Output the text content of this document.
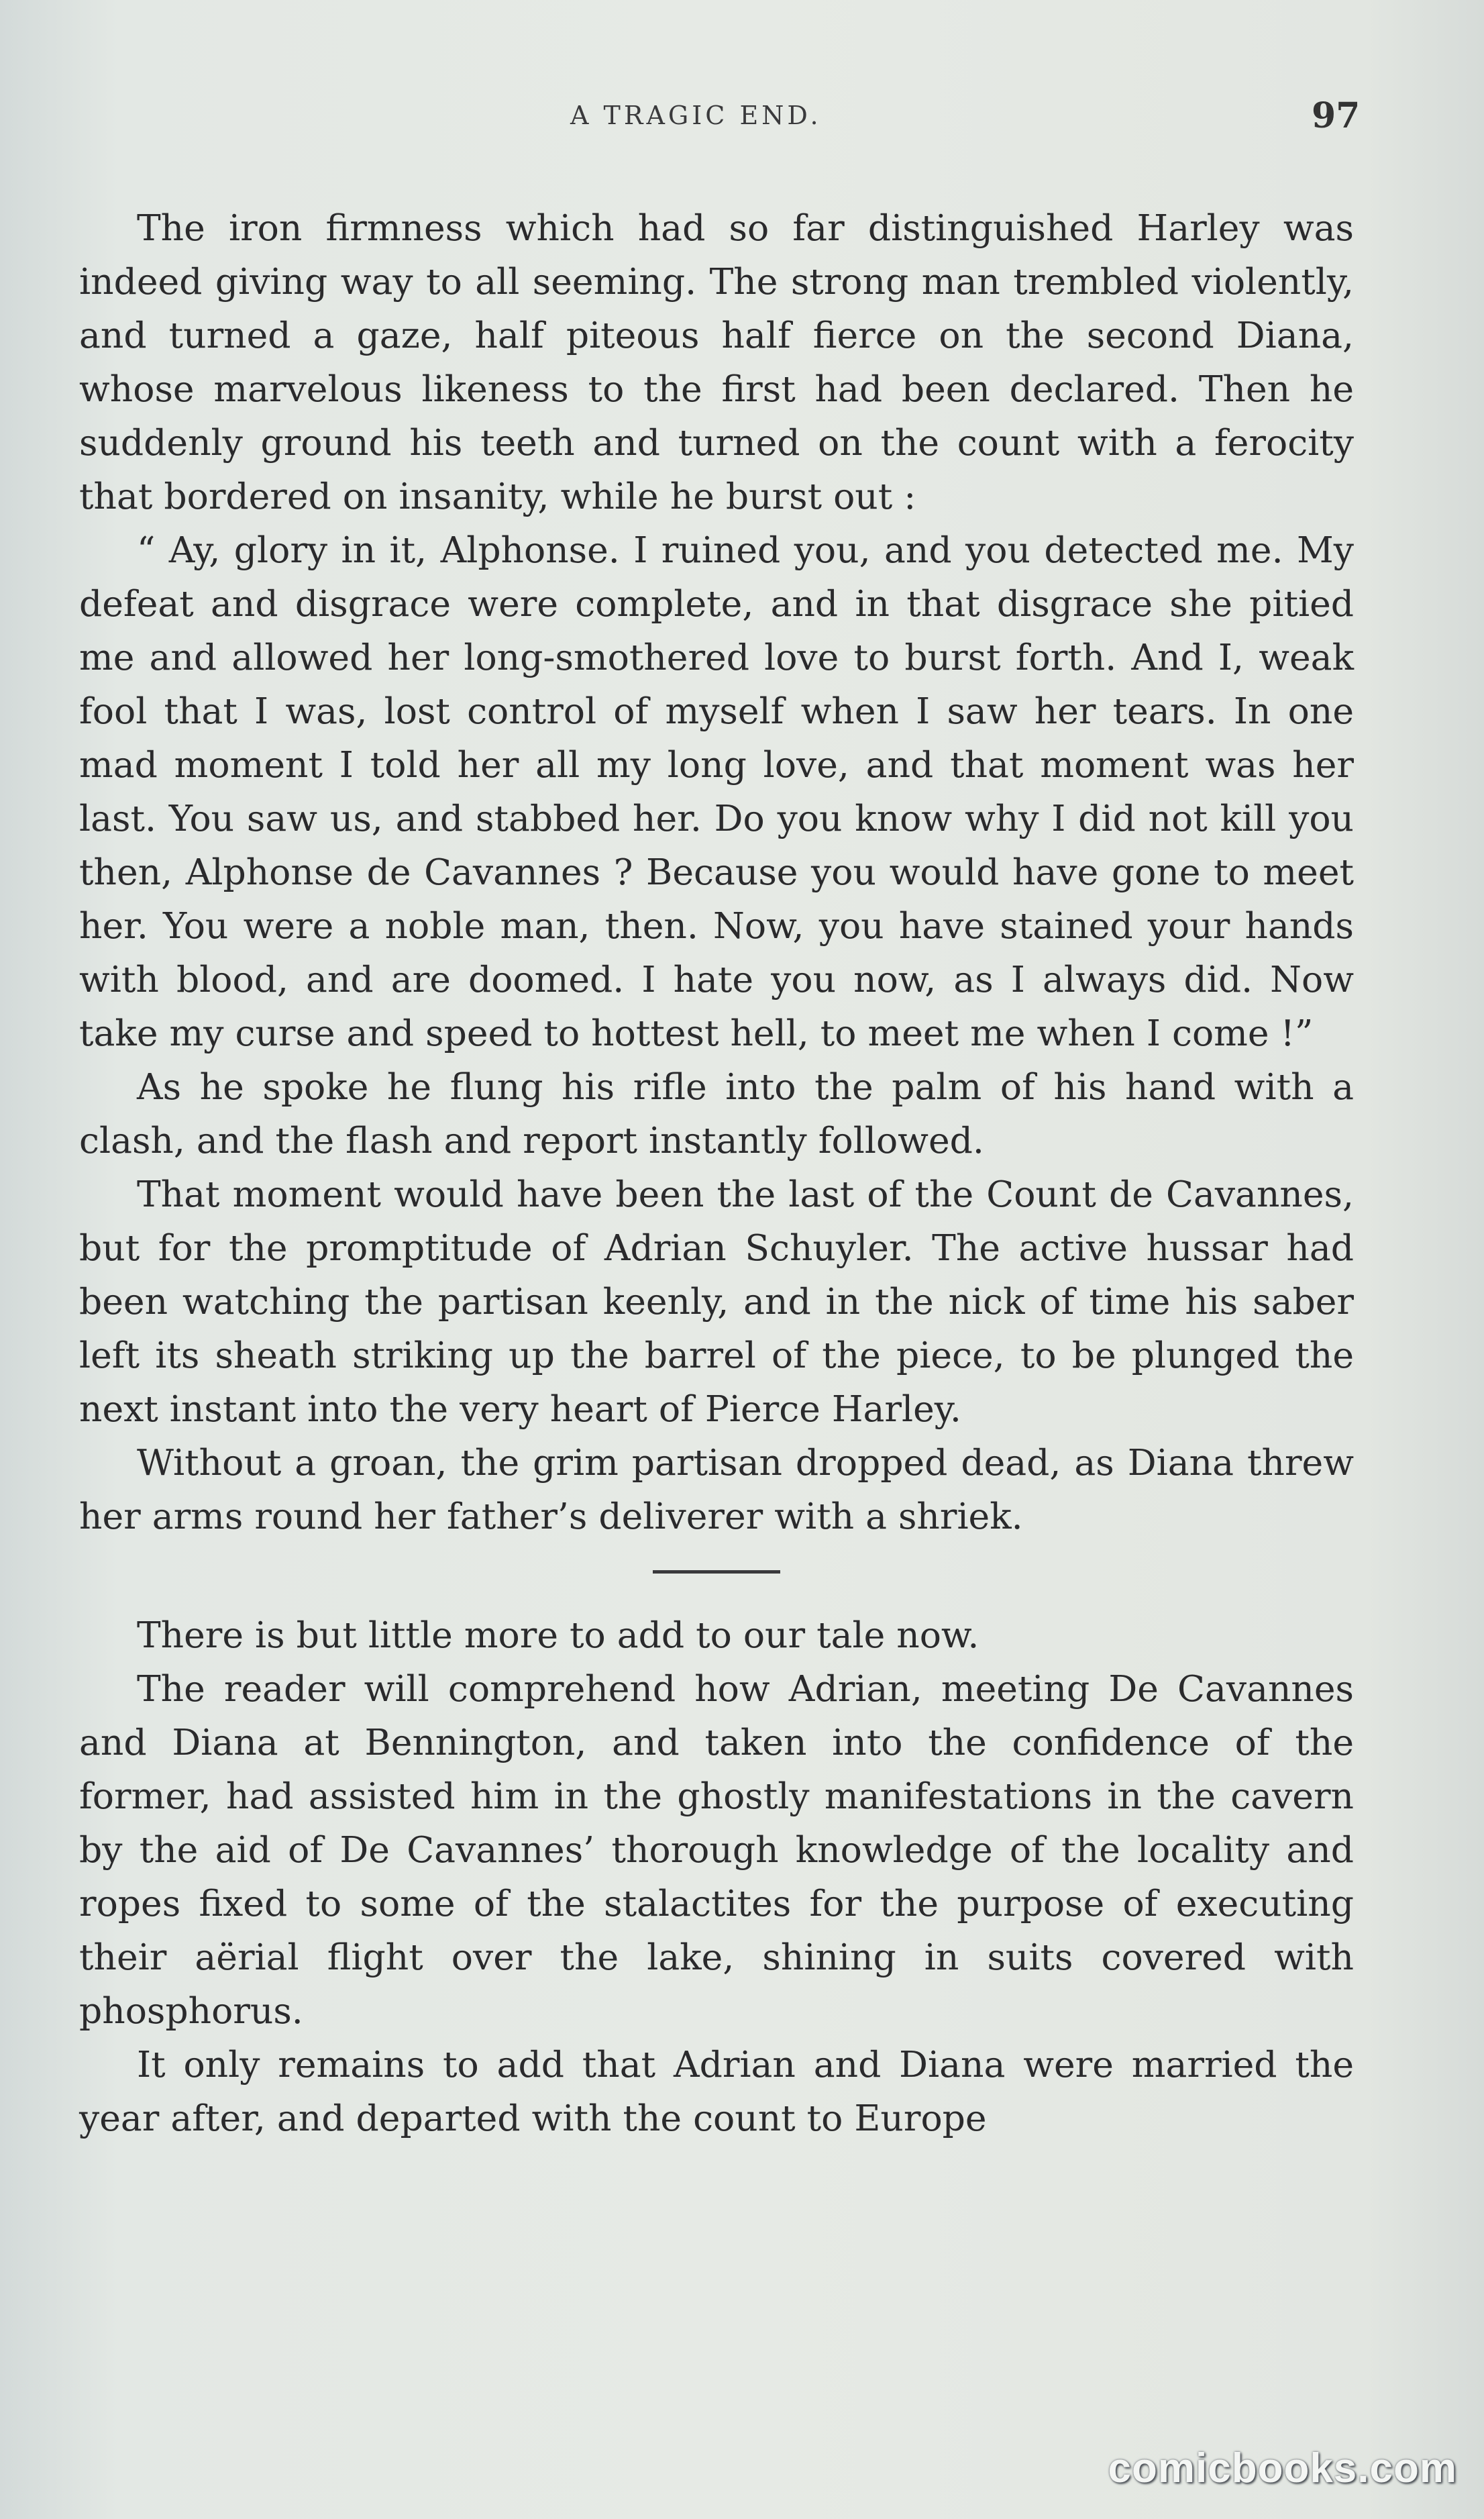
A TRAGIC END.	97

The iron firmness which had so far distinguished Harley was indeed giving way to all seeming. The strong man trembled violently, and turned a gaze, half piteous half fierce on the second Diana, whose marvelous likeness to the first had been declared. Then he suddenly ground his teeth and turned on the count with a ferocity that bordered on insanity, while he burst out :

“ Ay, glory in it, Alphonse. I ruined you, and you detected me. My defeat and disgrace were complete, and in that disgrace she pitied me and allowed her long-smothered love to burst forth. And I, weak fool that I was, lost control of myself when I saw her tears. In one mad moment I told her all my long love, and that moment was her last. You saw us, and stabbed her. Do you know why I did not kill you then, Alphonse de Cavannes ? Because you would have gone to meet her. You were a noble man, then. Now, you have stained your hands with blood, and are doomed. I hate you now, as I always did. Now take my curse and speed to hottest hell, to meet me when I come !”

As he spoke he flung his rifle into the palm of his hand with a clash, and the flash and report instantly followed.

That moment would have been the last of the Count de Cavannes, but for the promptitude of Adrian Schuyler. The active hussar had been watching the partisan keenly, and in the nick of time his saber left its sheath striking up the barrel of the piece, to be plunged the next instant into the very heart of Pierce Harley.

Without a groan, the grim partisan dropped dead, as Diana threw her arms round her father’s deliverer with a shriek.

There is but little more to add to our tale now.

The reader will comprehend how Adrian, meeting De Cavannes and Diana at Bennington, and taken into the confidence of the former, had assisted him in the ghostly manifestations in the cavern by the aid of De Cavannes’ thorough knowledge of the locality and ropes fixed to some of the stalactites for the purpose of executing their aërial flight over the lake, shining in suits covered with phosphorus.

It only remains to add that Adrian and Diana were married the year after, and departed with the count to Europe

comicbooks.com
